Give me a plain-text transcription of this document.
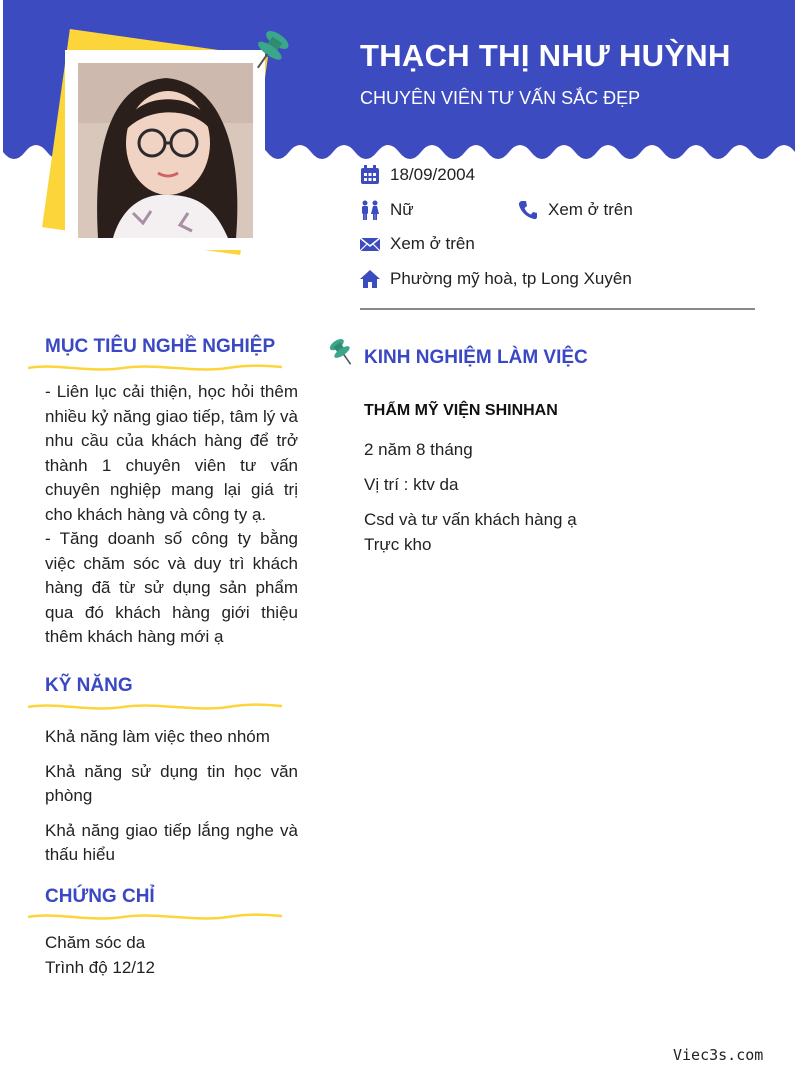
THẠCH THỊ NHƯ HUỲNH
CHUYÊN VIÊN TƯ VẤN SẮC ĐẸP
18/09/2004
Nữ	Xem ở trên
Xem ở trên
Phường mỹ hoà, tp Long Xuyên
MỤC TIÊU NGHỀ NGHIỆP
- Liên lục cải thiện, học hỏi thêm nhiều kỷ năng giao tiếp, tâm lý và nhu cầu của khách hàng để trở thành 1 chuyên viên tư vấn chuyên nghiệp mang lại giá trị cho khách hàng và công ty ạ.
- Tăng doanh số công ty bằng việc chăm sóc và duy trì khách hàng đã từ sử dụng sản phẩm qua đó khách hàng giới thiệu thêm khách hàng mới ạ
KỸ NĂNG
Khả năng làm việc theo nhóm
Khả năng sử dụng tin học văn phòng
Khả năng giao tiếp lắng nghe và thấu hiểu
CHỨNG CHỈ
Chăm sóc da
Trình độ 12/12
KINH NGHIỆM LÀM VIỆC
THẨM MỸ VIỆN SHINHAN
2 năm 8 tháng
Vị trí : ktv da
Csd và tư vấn khách hàng ạ
Trực kho
Viec3s.com
